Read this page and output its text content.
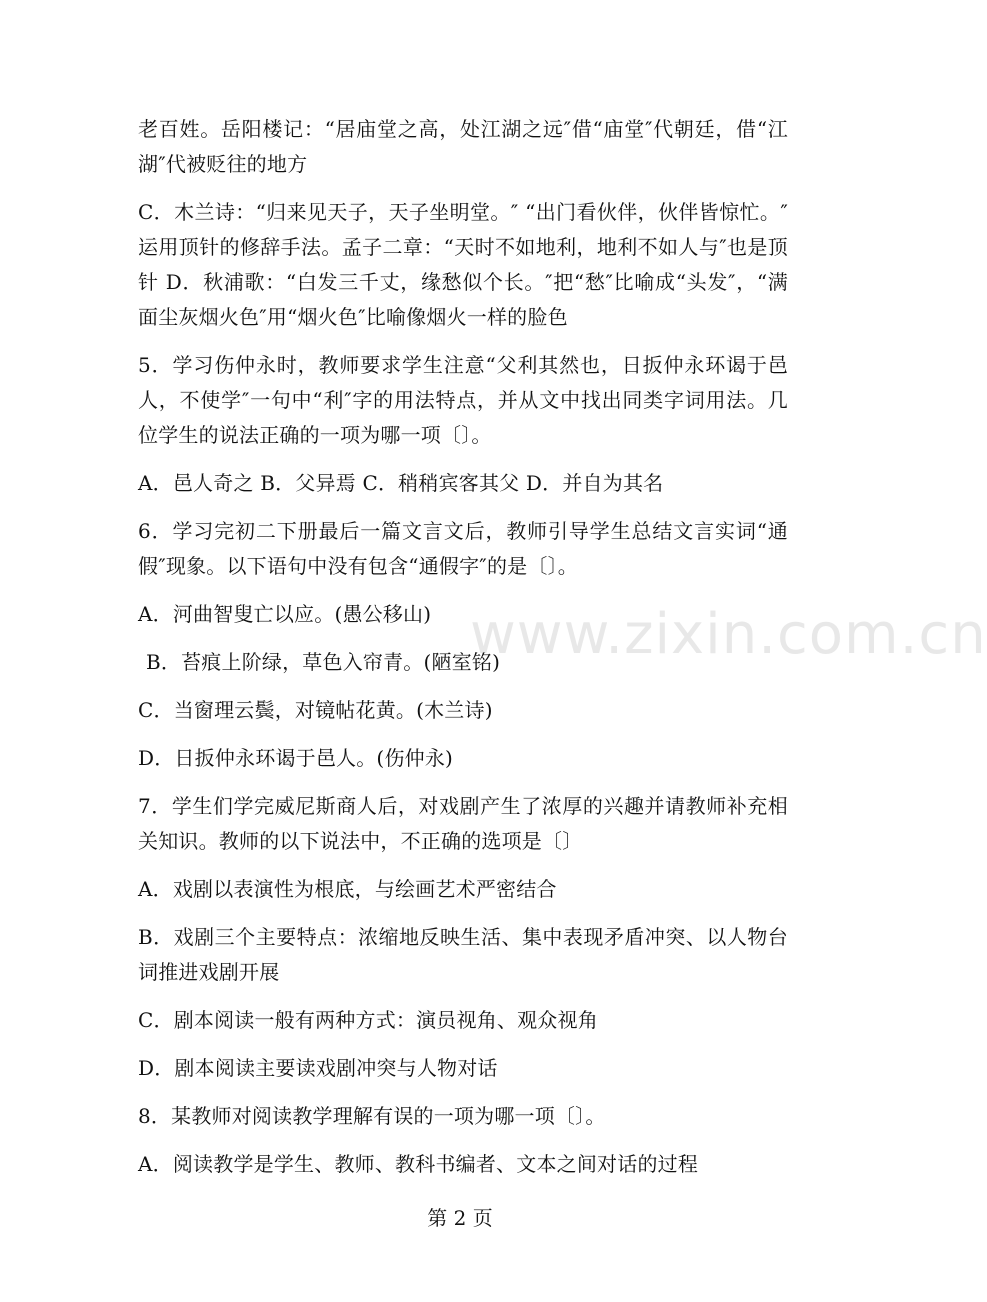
老百姓。岳阳楼记：“居庙堂之高，处江湖之远″借“庙堂″代朝廷，借“江湖″代被贬往的地方

C．木兰诗：“归来见天子，天子坐明堂。″ “出门看伙伴，伙伴皆惊忙。″运用顶针的修辞手法。孟子二章：“天时不如地利，地利不如人与″也是顶针 D．秋浦歌：“白发三千丈，缘愁似个长。″把“愁″比喻成“头发″，“满面尘灰烟火色″用“烟火色″比喻像烟火一样的脸色

5．学习伤仲永时，教师要求学生注意“父利其然也，日扳仲永环谒于邑人，不使学″一句中“利″字的用法特点，并从文中找出同类字词用法。几位学生的说法正确的一项为哪一项〔〕。

A．邑人奇之 B．父异焉 C．稍稍宾客其父 D．并自为其名

6．学习完初二下册最后一篇文言文后，教师引导学生总结文言实词“通假″现象。以下语句中没有包含“通假字″的是〔〕。

A．河曲智叟亡以应。(愚公移山)

B．苔痕上阶绿，草色入帘青。(陋室铭)

C．当窗理云鬓，对镜帖花黄。(木兰诗)

D．日扳仲永环谒于邑人。(伤仲永)

7．学生们学完威尼斯商人后，对戏剧产生了浓厚的兴趣并请教师补充相关知识。教师的以下说法中，不正确的选项是〔〕

A．戏剧以表演性为根底，与绘画艺术严密结合

B．戏剧三个主要特点：浓缩地反映生活、集中表现矛盾冲突、以人物台词推进戏剧开展

C．剧本阅读一般有两种方式：演员视角、观众视角

D．剧本阅读主要读戏剧冲突与人物对话

8．某教师对阅读教学理解有误的一项为哪一项〔〕。

A．阅读教学是学生、教师、教科书编者、文本之间对话的过程

www.zixin.com.cn
第 2 页
